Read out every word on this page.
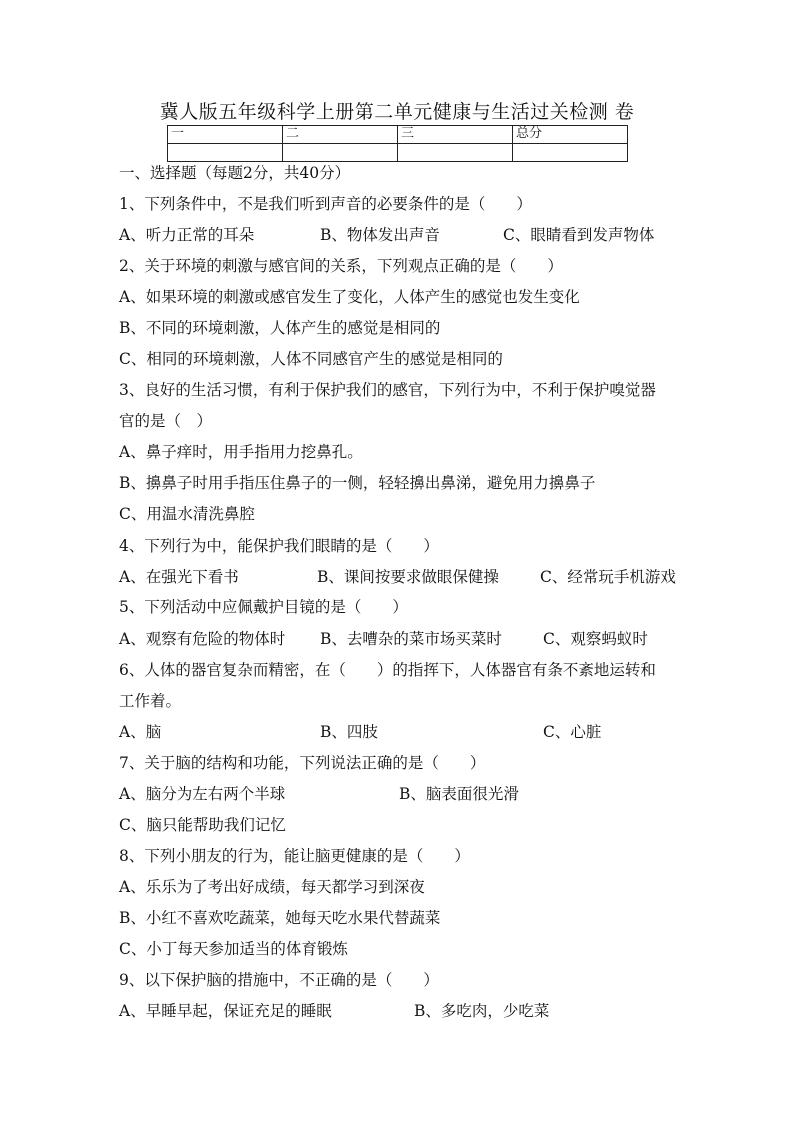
冀人版五年级科学上册第二单元健康与生活过关检测 卷
一	二	三	总分

一、选择题（每题2分，共40分）
1、下列条件中，不是我们听到声音的必要条件的是（　　）
A、听力正常的耳朵	B、物体发出声音	C、眼睛看到发声物体
2、关于环境的刺激与感官间的关系，下列观点正确的是（　　）
A、如果环境的刺激或感官发生了变化，人体产生的感觉也发生变化
B、不同的环境刺激，人体产生的感觉是相同的
C、相同的环境刺激，人体不同感官产生的感觉是相同的
3、良好的生活习惯，有利于保护我们的感官，下列行为中，不利于保护嗅觉器
官的是（　）
A、鼻子痒时，用手指用力挖鼻孔。
B、擤鼻子时用手指压住鼻子的一侧，轻轻擤出鼻涕，避免用力擤鼻子
C、用温水清洗鼻腔
4、下列行为中，能保护我们眼睛的是（　　）
A、在强光下看书	B、课间按要求做眼保健操	C、经常玩手机游戏
5、下列活动中应佩戴护目镜的是（　　）
A、观察有危险的物体时 B、去嘈杂的菜市场买菜时	C、观察蚂蚁时
6、人体的器官复杂而精密，在（　　）的指挥下，人体器官有条不紊地运转和
工作着。
A、脑	B、四肢	C、心脏
7、关于脑的结构和功能，下列说法正确的是（　　）
A、脑分为左右两个半球	B、脑表面很光滑
C、脑只能帮助我们记忆
8、下列小朋友的行为，能让脑更健康的是（　　）
A、乐乐为了考出好成绩，每天都学习到深夜
B、小红不喜欢吃蔬菜，她每天吃水果代替蔬菜
C、小丁每天参加适当的体育锻炼
9、以下保护脑的措施中，不正确的是（　　）
A、早睡早起，保证充足的睡眠	B、多吃肉，少吃菜
